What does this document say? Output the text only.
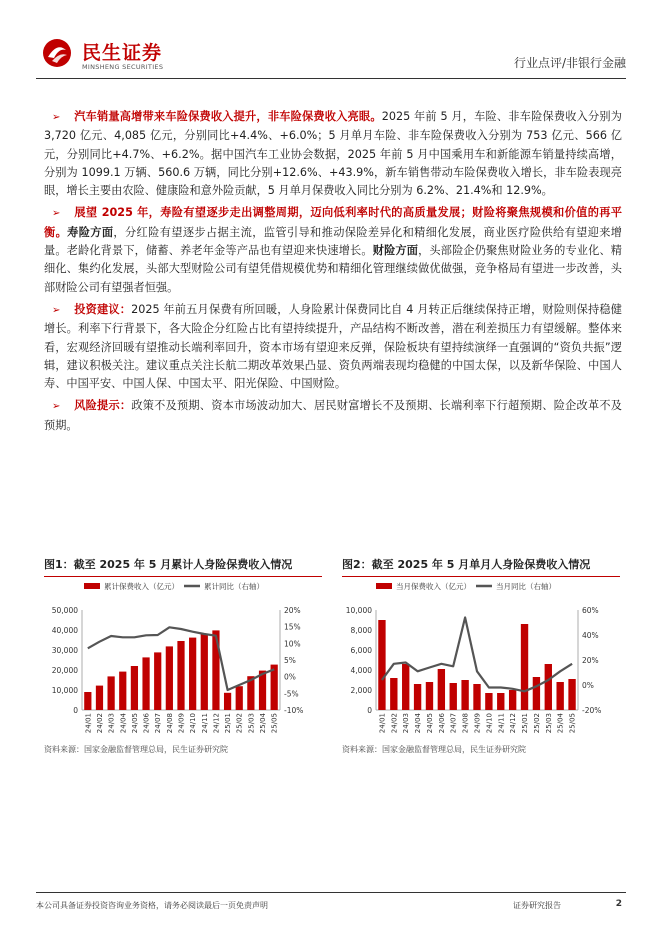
民生证券
MINSHENG SECURITIES	行业点评/非银行金融

➢ 汽车销量高增带来车险保费收入提升，非车险保费收入亮眼。2025 年前 5 月，车险、非车险保费收入分别为 3,720 亿元、4,085 亿元，分别同比+4.4%、+6.0%；5 月单月车险、非车险保费收入分别为 753 亿元、566 亿元，分别同比+4.7%、+6.2%。据中国汽车工业协会数据，2025 年前 5 月中国乘用车和新能源车销量持续高增，分别为 1099.1 万辆、560.6 万辆，同比分别+12.6%、+43.9%，新车销售带动车险保费收入增长，非车险表现亮眼，增长主要由农险、健康险和意外险贡献，5 月单月保费收入同比分别为 6.2%、21.4%和 12.9%。

➢ 展望 2025 年，寿险有望逐步走出调整周期，迈向低利率时代的高质量发展；财险将聚焦规模和价值的再平衡。寿险方面，分红险有望逐步占据主流，监管引导和推动保险差异化和精细化发展，商业医疗险供给有望迎来增量。老龄化背景下，储蓄、养老年金等产品也有望迎来快速增长。财险方面，头部险企仍聚焦财险业务的专业化、精细化、集约化发展，头部大型财险公司有望凭借规模优势和精细化管理继续做优做强，竞争格局有望进一步改善，头部财险公司有望强者恒强。

➢ 投资建议：2025 年前五月保费有所回暖，人身险累计保费同比自 4 月转正后继续保持正增，财险则保持稳健增长。利率下行背景下，各大险企分红险占比有望持续提升，产品结构不断改善，潜在利差损压力有望缓解。整体来看，宏观经济回暖有望推动长端利率回升，资本市场有望迎来反弹，保险板块有望持续演绎一直强调的“资负共振”逻辑，建议积极关注。建议重点关注长航二期改革效果凸显、资负两端表现均稳健的中国太保，以及新华保险、中国人寿、中国平安、中国人保、中国太平、阳光保险、中国财险。

➢ 风险提示：政策不及预期、资本市场波动加大、居民财富增长不及预期、长端利率下行超预期、险企改革不及预期。

图1：截至 2025 年 5 月累计人身险保费收入情况
累计保费收入（亿元）	累计同比（右轴）
0
10,000
20,000
30,000
40,000
50,000
-10%
-5%
0%
5%
10%
15%
20%
24/01 24/02 24/03 24/04 24/05 24/06 24/07 24/08 24/09 24/10 24/11 24/12 25/01 25/02 25/03 25/04 25/05
资料来源：国家金融监督管理总局，民生证券研究院
图2：截至 2025 年 5 月单月人身险保费收入情况
当月保费收入（亿元）	当月同比（右轴）
0
2,000
4,000
6,000
8,000
10,000
-20%
0%
20%
40%
60%
24/01 24/02 24/03 24/04 24/05 24/06 24/07 24/08 24/09 24/10 24/11 24/12 25/01 25/02 25/03 25/04 25/05
资料来源：国家金融监督管理总局，民生证券研究院
本公司具备证券投资咨询业务资格，请务必阅读最后一页免责声明	证券研究报告	2
